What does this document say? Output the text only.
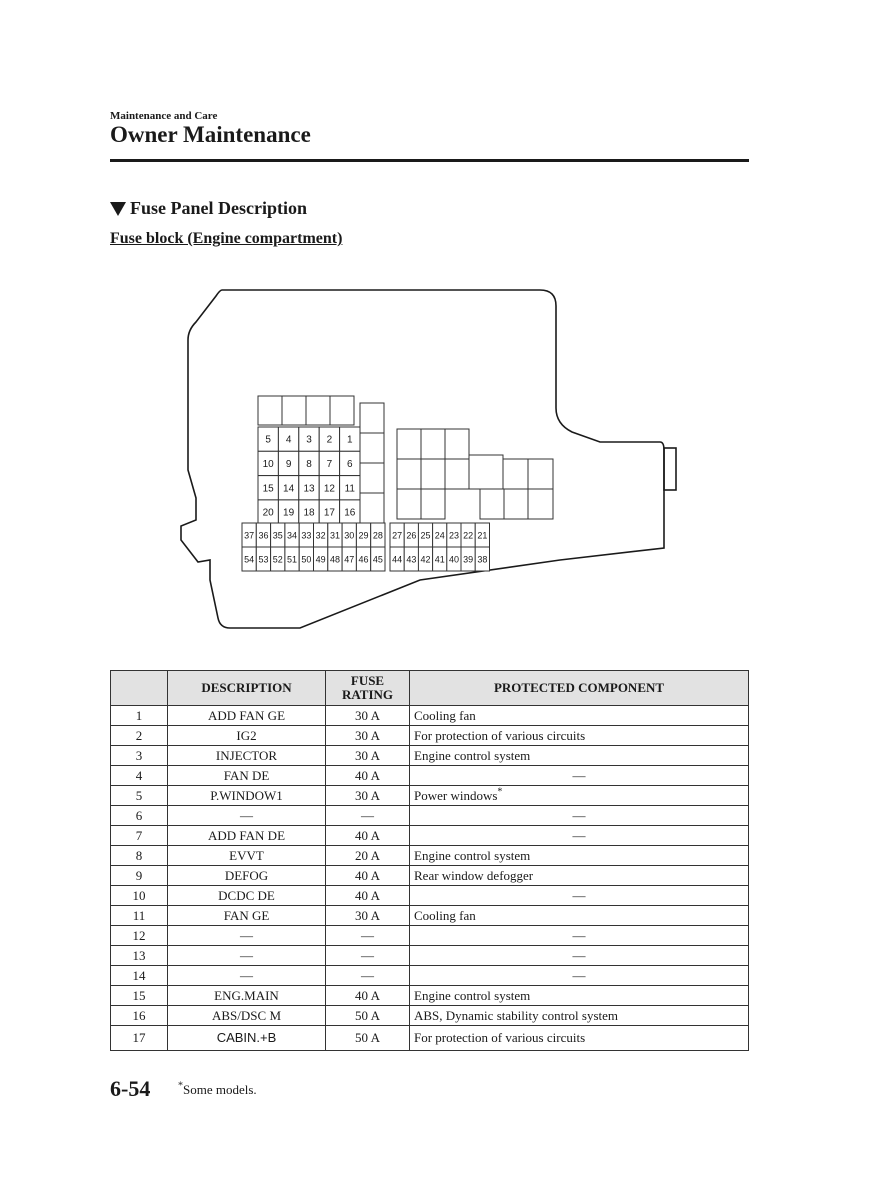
Maintenance and Care
Owner Maintenance
Fuse Panel Description
Fuse block (Engine compartment)
5 4 3 2 1
10 9 8 7 6
15 14 13 12 11
20 19 18 17 16
37 36 35 34 33 32 31 30 29 28 27 26 25 24 23 22 21
54 53 52 51 50 49 48 47 46 45 44 43 42 41 40 39 38
	DESCRIPTION	FUSE
RATING	PROTECTED COMPONENT
1	ADD FAN GE	30 A	Cooling fan
2	IG2	30 A	For protection of various circuits
3	INJECTOR	30 A	Engine control system
4	FAN DE	40 A	—
5	P.WINDOW1	30 A	Power windows*
6	—	—	—
7	ADD FAN DE	40 A	—
8	EVVT	20 A	Engine control system
9	DEFOG	40 A	Rear window defogger
10	DCDC DE	40 A	—
11	FAN GE	30 A	Cooling fan
12	—	—	—
13	—	—	—
14	—	—	—
15	ENG.MAIN	40 A	Engine control system
16	ABS/DSC M	50 A	ABS, Dynamic stability control system
17	CABIN.+B	50 A	For protection of various circuits
6-54	*Some models.
